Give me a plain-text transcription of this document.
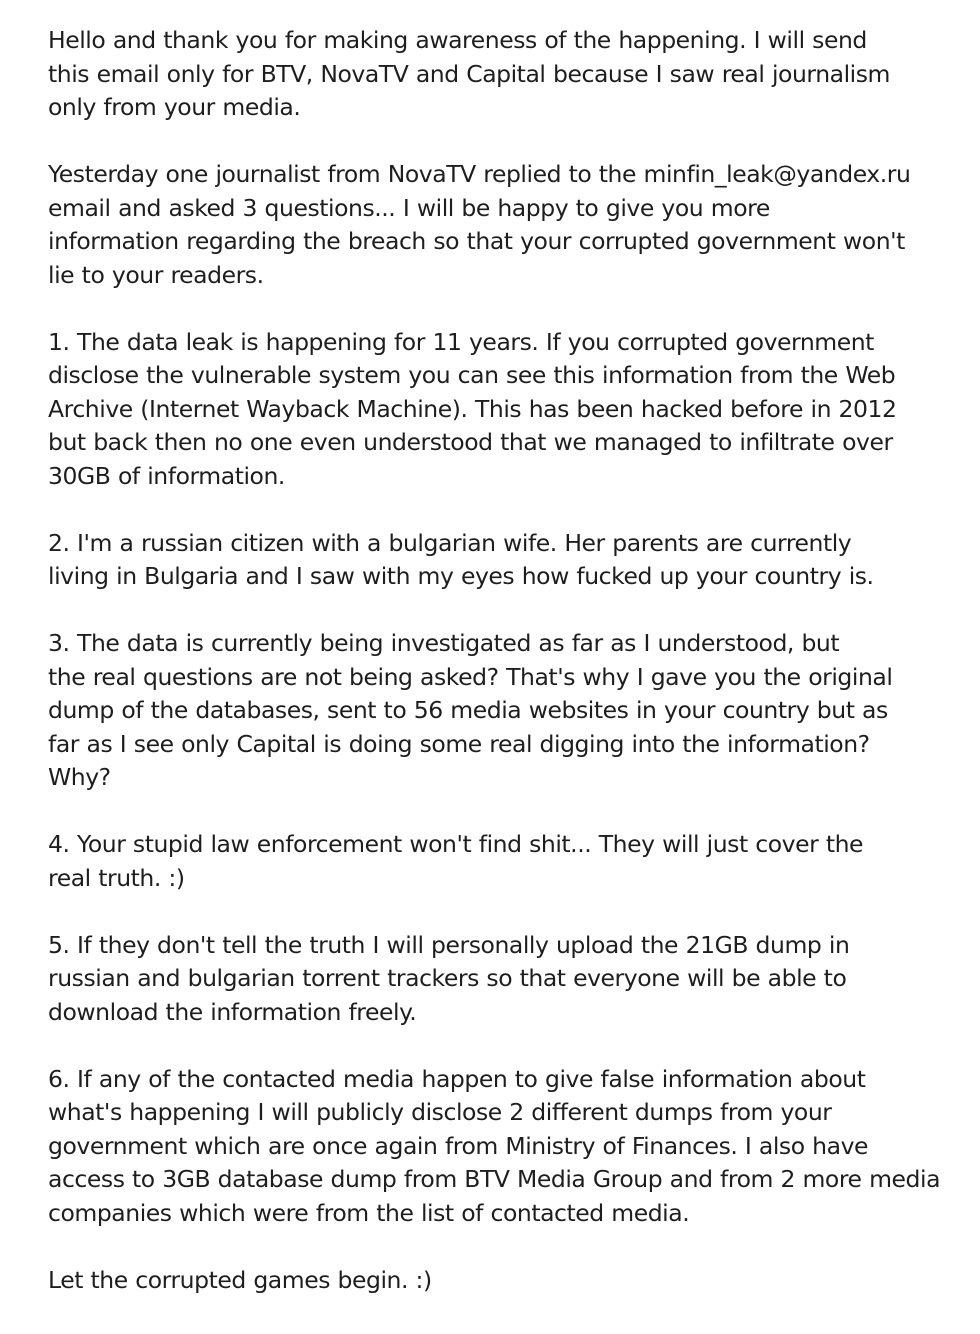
Hello and thank you for making awareness of the happening. I will send
this email only for BTV, NovaTV and Capital because I saw real journalism
only from your media.

Yesterday one journalist from NovaTV replied to the minfin_leak@yandex.ru
email and asked 3 questions... I will be happy to give you more
information regarding the breach so that your corrupted government won't
lie to your readers.

1. The data leak is happening for 11 years. If you corrupted government
disclose the vulnerable system you can see this information from the Web
Archive (Internet Wayback Machine). This has been hacked before in 2012
but back then no one even understood that we managed to infiltrate over
30GB of information.

2. I'm a russian citizen with a bulgarian wife. Her parents are currently
living in Bulgaria and I saw with my eyes how fucked up your country is.

3. The data is currently being investigated as far as I understood, but
the real questions are not being asked? That's why I gave you the original
dump of the databases, sent to 56 media websites in your country but as
far as I see only Capital is doing some real digging into the information?
Why?

4. Your stupid law enforcement won't find shit... They will just cover the
real truth. :)

5. If they don't tell the truth I will personally upload the 21GB dump in
russian and bulgarian torrent trackers so that everyone will be able to
download the information freely.

6. If any of the contacted media happen to give false information about
what's happening I will publicly disclose 2 different dumps from your
government which are once again from Ministry of Finances. I also have
access to 3GB database dump from BTV Media Group and from 2 more media
companies which were from the list of contacted media.

Let the corrupted games begin. :)
